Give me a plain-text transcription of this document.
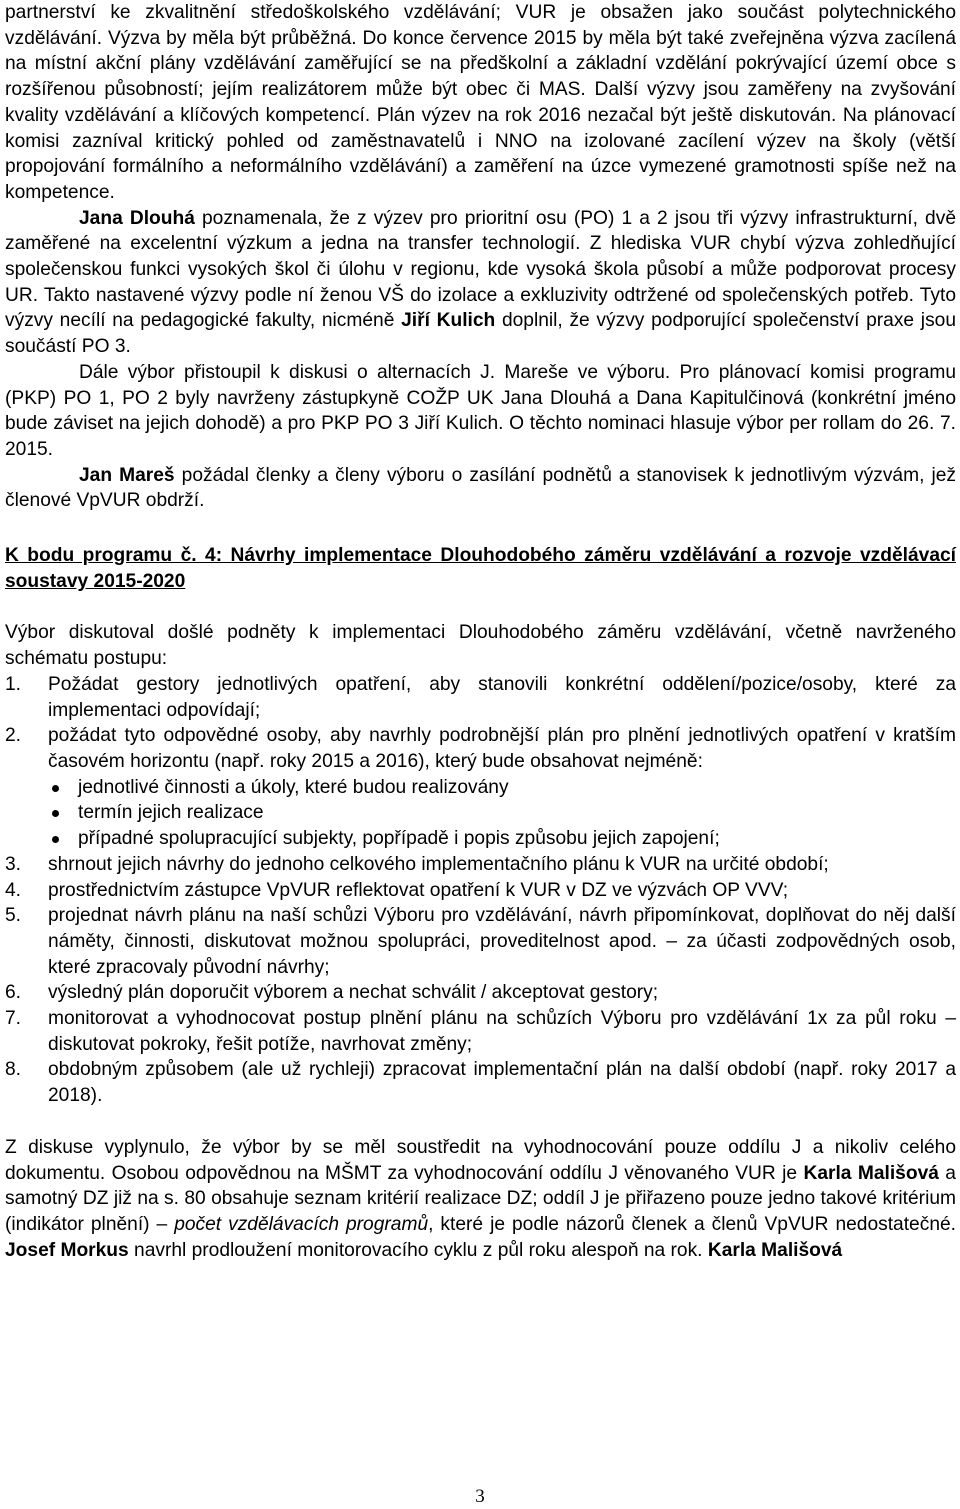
partnerství ke zkvalitnění středoškolského vzdělávání; VUR je obsažen jako součást polytechnického vzdělávání. Výzva by měla být průběžná. Do konce července 2015 by měla být také zveřejněna výzva zacílená na místní akční plány vzdělávání zaměřující se na předškolní a základní vzdělání pokrývající území obce s rozšířenou působností; jejím realizátorem může být obec či MAS. Další výzvy jsou zaměřeny na zvyšování kvality vzdělávání a klíčových kompetencí. Plán výzev na rok 2016 nezačal být ještě diskutován. Na plánovací komisi zazníval kritický pohled od zaměstnavatelů i NNO na izolované zacílení výzev na školy (větší propojování formálního a neformálního vzdělávání) a zaměření na úzce vymezené gramotnosti spíše než na kompetence.

Jana Dlouhá poznamenala, že z výzev pro prioritní osu (PO) 1 a 2 jsou tři výzvy infrastrukturní, dvě zaměřené na excelentní výzkum a jedna na transfer technologií. Z hlediska VUR chybí výzva zohledňující společenskou funkci vysokých škol či úlohu v regionu, kde vysoká škola působí a může podporovat procesy UR. Takto nastavené výzvy podle ní ženou VŠ do izolace a exkluzivity odtržené od společenských potřeb. Tyto výzvy necílí na pedagogické fakulty, nicméně Jiří Kulich doplnil, že výzvy podporující společenství praxe jsou součástí PO 3.

Dále výbor přistoupil k diskusi o alternacích J. Mareše ve výboru. Pro plánovací komisi programu (PKP) PO 1, PO 2 byly navrženy zástupkyně COŽP UK Jana Dlouhá a Dana Kapitulčinová (konkrétní jméno bude záviset na jejich dohodě) a pro PKP PO 3 Jiří Kulich. O těchto nominaci hlasuje výbor per rollam do 26. 7. 2015.

Jan Mareš požádal členky a členy výboru o zasílání podnětů a stanovisek k jednotlivým výzvám, jež členové VpVUR obdrží.

K bodu programu č. 4: Návrhy implementace Dlouhodobého záměru vzdělávání a rozvoje vzdělávací soustavy 2015-2020

Výbor diskutoval došlé podněty k implementaci Dlouhodobého záměru vzdělávání, včetně navrženého schématu postupu:

1. Požádat gestory jednotlivých opatření, aby stanovili konkrétní oddělení/pozice/osoby, které za implementaci odpovídají;
2. požádat tyto odpovědné osoby, aby navrhly podrobnější plán pro plnění jednotlivých opatření v kratším časovém horizontu (např. roky 2015 a 2016), který bude obsahovat nejméně:
jednotlivé činnosti a úkoly, které budou realizovány
termín jejich realizace
případné spolupracující subjekty, popřípadě i popis způsobu jejich zapojení;
3. shrnout jejich návrhy do jednoho celkového implementačního plánu k VUR na určité období;
4. prostřednictvím zástupce VpVUR reflektovat opatření k VUR v DZ ve výzvách OP VVV;
5. projednat návrh plánu na naší schůzi Výboru pro vzdělávání, návrh připomínkovat, doplňovat do něj další náměty, činnosti, diskutovat možnou spolupráci, proveditelnost apod. – za účasti zodpovědných osob, které zpracovaly původní návrhy;
6. výsledný plán doporučit výborem a nechat schválit / akceptovat gestory;
7. monitorovat a vyhodnocovat postup plnění plánu na schůzích Výboru pro vzdělávání 1x za půl roku – diskutovat pokroky, řešit potíže, navrhovat změny;
8. obdobným způsobem (ale už rychleji) zpracovat implementační plán na další období (např. roky 2017 a 2018).

Z diskuse vyplynulo, že výbor by se měl soustředit na vyhodnocování pouze oddílu J a nikoliv celého dokumentu. Osobou odpovědnou na MŠMT za vyhodnocování oddílu J věnovaného VUR je Karla Mališová a samotný DZ již na s. 80 obsahuje seznam kritérií realizace DZ; oddíl J je přiřazeno pouze jedno takové kritérium (indikátor plnění) – počet vzdělávacích programů, které je podle názorů členek a členů VpVUR nedostatečné. Josef Morkus navrhl prodloužení monitorovacího cyklu z půl roku alespoň na rok. Karla Mališová

3
